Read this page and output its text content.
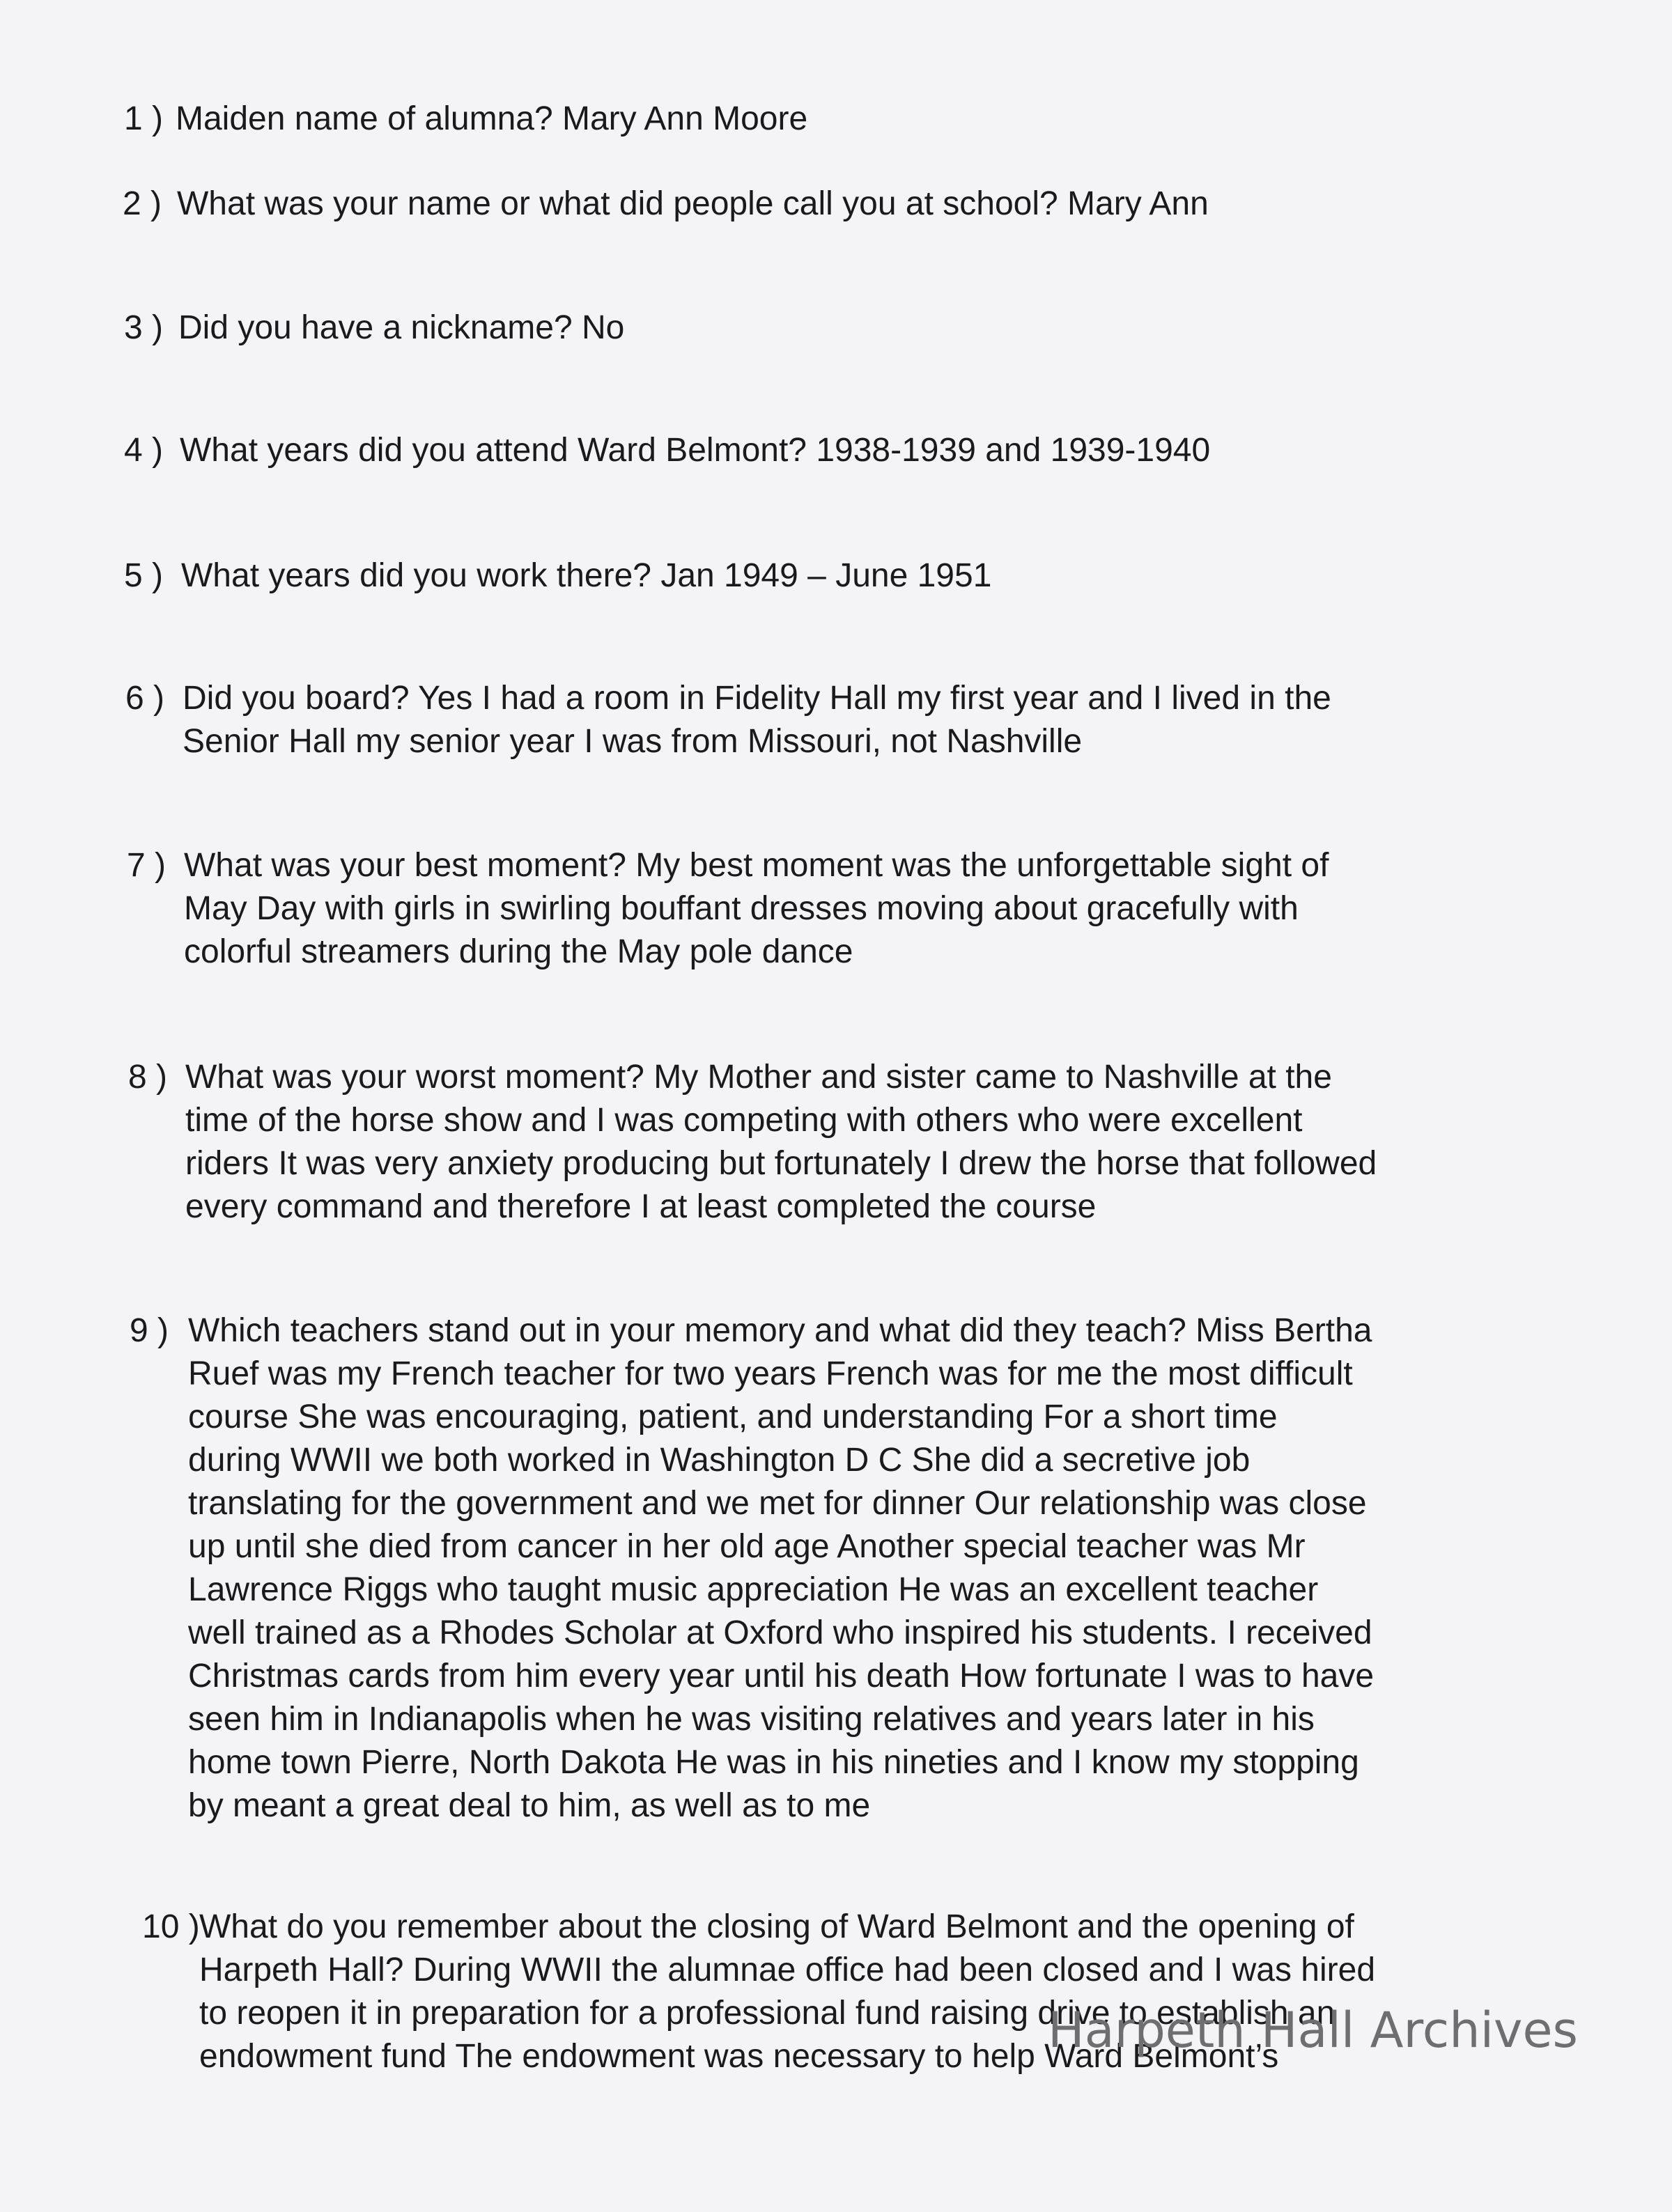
1 ) Maiden name of alumna? Mary Ann Moore
2 ) What was your name or what did people call you at school? Mary Ann
3 ) Did you have a nickname? No
4 ) What years did you attend Ward Belmont? 1938-1939 and 1939-1940
5 ) What years did you work there? Jan 1949 – June 1951
6 ) Did you board? Yes I had a room in Fidelity Hall my first year and I lived in the
Senior Hall my senior year I was from Missouri, not Nashville
7 ) What was your best moment? My best moment was the unforgettable sight of
May Day with girls in swirling bouffant dresses moving about gracefully with
colorful streamers during the May pole dance
8 ) What was your worst moment? My Mother and sister came to Nashville at the
time of the horse show and I was competing with others who were excellent
riders It was very anxiety producing but fortunately I drew the horse that followed
every command and therefore I at least completed the course
9 ) Which teachers stand out in your memory and what did they teach? Miss Bertha
Ruef was my French teacher for two years French was for me the most difficult
course She was encouraging, patient, and understanding For a short time
during WWII we both worked in Washington D C She did a secretive job
translating for the government and we met for dinner Our relationship was close
up until she died from cancer in her old age Another special teacher was Mr
Lawrence Riggs who taught music appreciation He was an excellent teacher
well trained as a Rhodes Scholar at Oxford who inspired his students. I received
Christmas cards from him every year until his death How fortunate I was to have
seen him in Indianapolis when he was visiting relatives and years later in his
home town Pierre, North Dakota He was in his nineties and I know my stopping
by meant a great deal to him, as well as to me
10 ) What do you remember about the closing of Ward Belmont and the opening of
Harpeth Hall? During WWII the alumnae office had been closed and I was hired
to reopen it in preparation for a professional fund raising drive to establish an
endowment fund The endowment was necessary to help Ward Belmont’s
Harpeth Hall Archives
